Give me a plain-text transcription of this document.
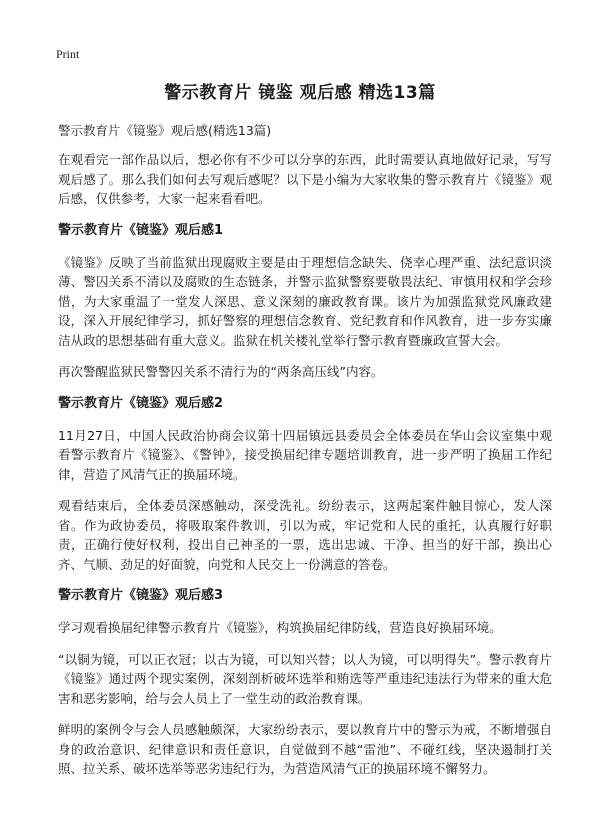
Print
警示教育片 镜鉴 观后感 精选13篇
警示教育片《镜鉴》观后感(精选13篇)

在观看完一部作品以后，想必你有不少可以分享的东西，此时需要认真地做好记录，写写观后感了。那么我们如何去写观后感呢？以下是小编为大家收集的警示教育片《镜鉴》观后感，仅供参考，大家一起来看看吧。

警示教育片《镜鉴》观后感1

《镜鉴》反映了当前监狱出现腐败主要是由于理想信念缺失、侥幸心理严重、法纪意识淡薄、警囚关系不清以及腐败的生态链条，并警示监狱警察要敬畏法纪、审慎用权和学会珍惜，为大家重温了一堂发人深思、意义深刻的廉政教育课。该片为加强监狱党风廉政建设，深入开展纪律学习，抓好警察的理想信念教育、党纪教育和作风教育，进一步夯实廉洁从政的思想基础有重大意义。监狱在机关楼礼堂举行警示教育暨廉政宣誓大会。

再次警醒监狱民警警囚关系不清行为的“两条高压线”内容。

警示教育片《镜鉴》观后感2

11月27日，中国人民政治协商会议第十四届镇远县委员会全体委员在华山会议室集中观看警示教育片《镜鉴》、《警钟》，接受换届纪律专题培训教育，进一步严明了换届工作纪律，营造了风清气正的换届环境。

观看结束后，全体委员深感触动，深受洗礼。纷纷表示，这两起案件触目惊心，发人深省。作为政协委员，将吸取案件教训，引以为戒，牢记党和人民的重托，认真履行好职责，正确行使好权利，投出自己神圣的一票，选出忠诚、干净、担当的好干部，换出心齐、气顺、劲足的好面貌，向党和人民交上一份满意的答卷。

警示教育片《镜鉴》观后感3

学习观看换届纪律警示教育片《镜鉴》，构筑换届纪律防线，营造良好换届环境。

“以铜为镜，可以正衣冠；以古为镜，可以知兴替；以人为镜，可以明得失”。警示教育片《镜鉴》通过两个现实案例，深刻剖析破坏选举和贿选等严重违纪违法行为带来的重大危害和恶劣影响，给与会人员上了一堂生动的政治教育课。

鲜明的案例令与会人员感触颇深，大家纷纷表示，要以教育片中的警示为戒，不断增强自身的政治意识、纪律意识和责任意识，自觉做到不越“雷池”、不碰红线，坚决遏制打关照、拉关系、破坏选举等恶劣违纪行为，为营造风清气正的换届环境不懈努力。
